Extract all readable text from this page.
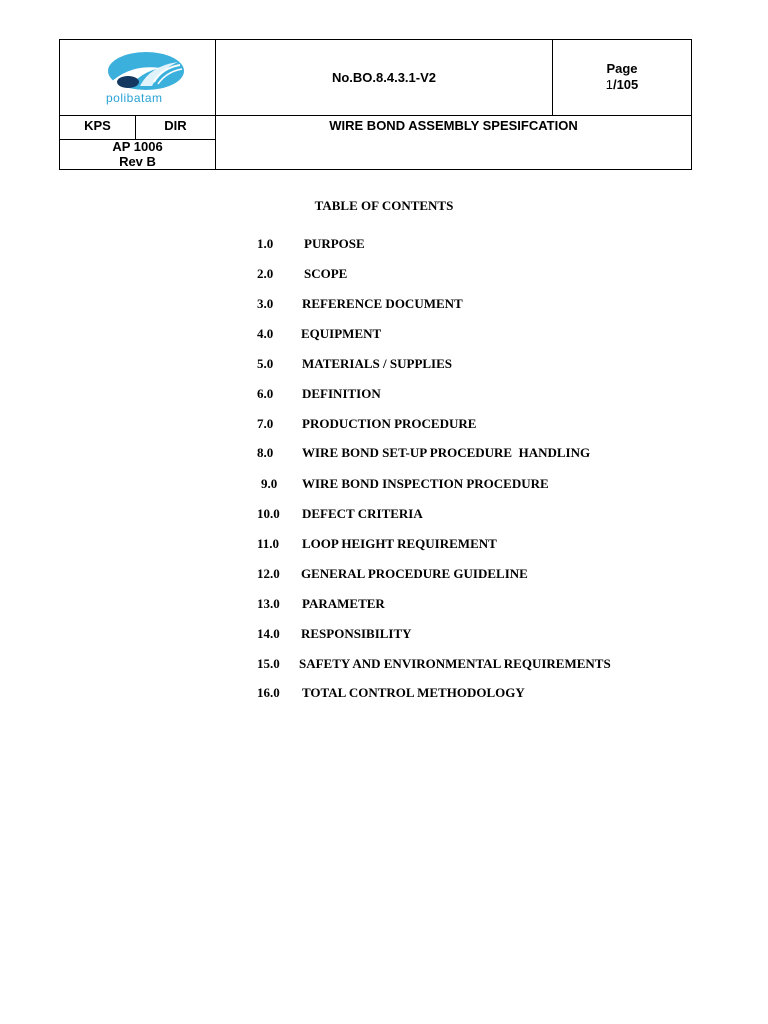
polibatam
No.BO.8.4.3.1-V2
Page
1/105
KPS	DIR	WIRE BOND ASSEMBLY SPESIFCATION
AP 1006
Rev B
TABLE OF CONTENTS
1.0 PURPOSE
2.0 SCOPE
3.0 REFERENCE DOCUMENT
4.0 EQUIPMENT
5.0 MATERIALS / SUPPLIES
6.0 DEFINITION
7.0 PRODUCTION PROCEDURE
8.0 WIRE BOND SET-UP PROCEDURE  HANDLING
9.0 WIRE BOND INSPECTION PROCEDURE
10.0 DEFECT CRITERIA
11.0 LOOP HEIGHT REQUIREMENT
12.0 GENERAL PROCEDURE GUIDELINE
13.0 PARAMETER
14.0 RESPONSIBILITY
15.0 SAFETY AND ENVIRONMENTAL REQUIREMENTS
16.0 TOTAL CONTROL METHODOLOGY
